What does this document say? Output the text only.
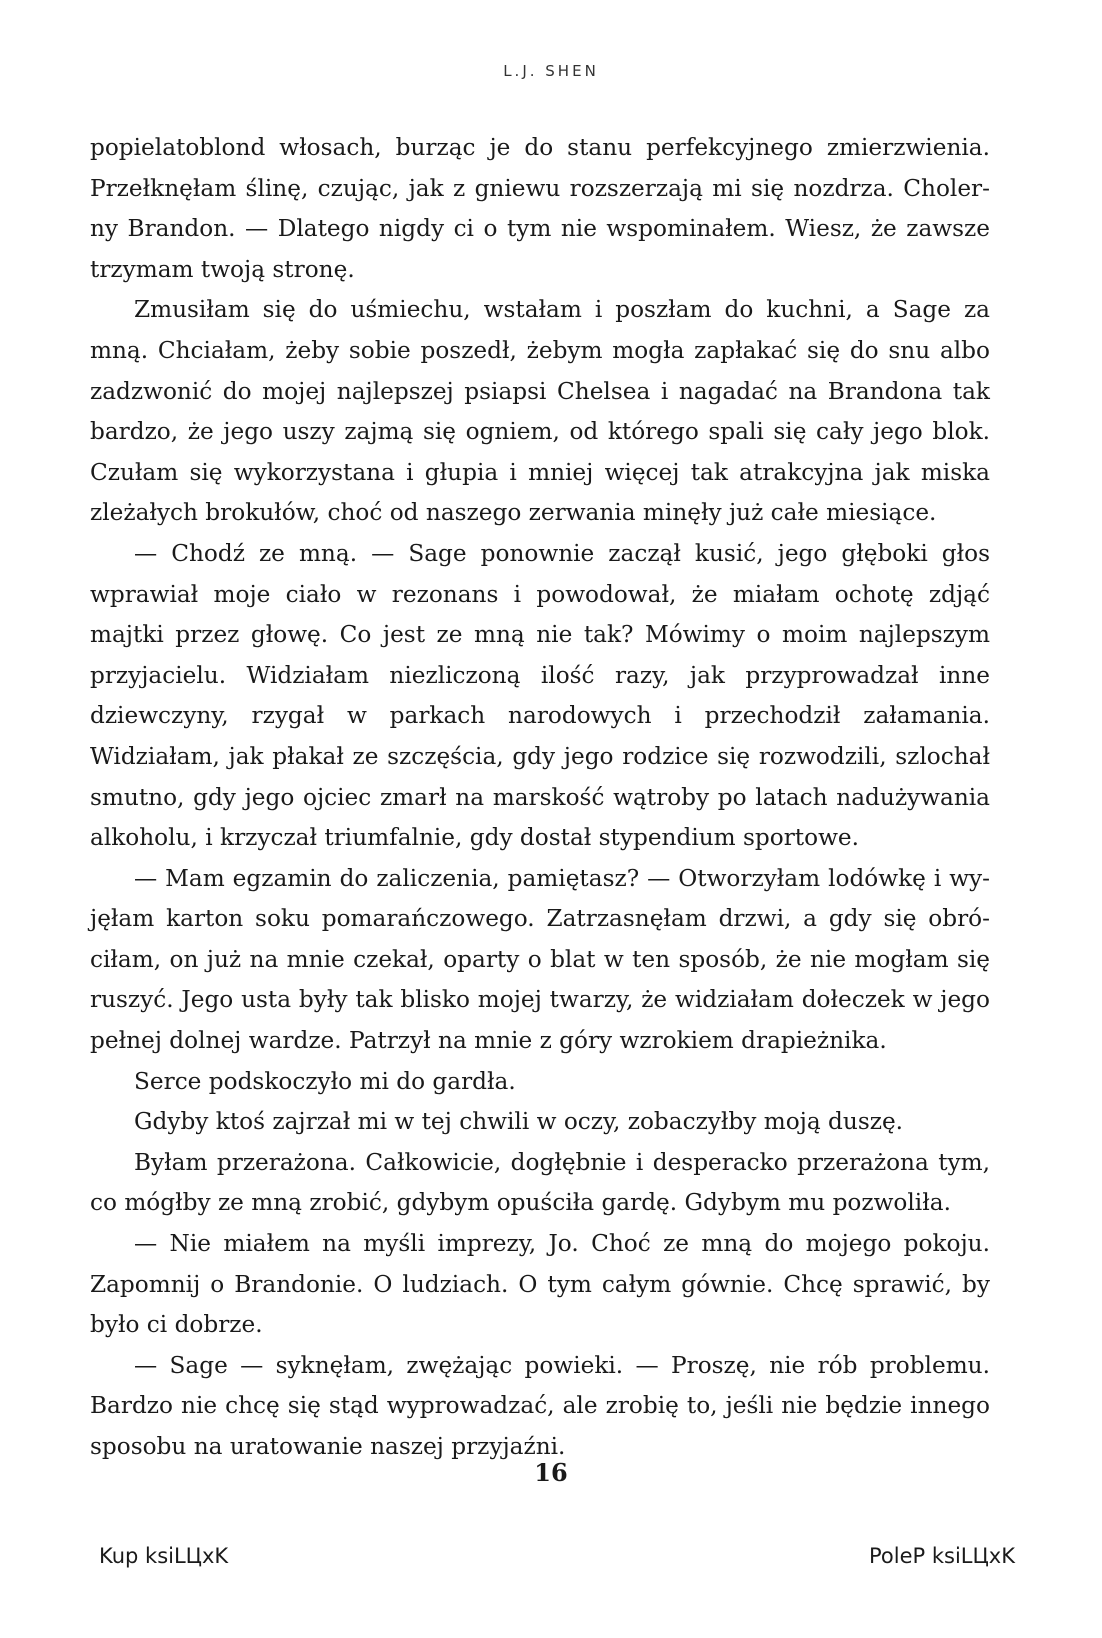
L.J. SHEN

popielatoblond włosach, burząc je do stanu perfekcyjnego zmierzwienia. Przełknęłam ślinę, czując, jak z gniewu rozszerzają mi się nozdrza. Cholerny Brandon. — Dlatego nigdy ci o tym nie wspominałem. Wiesz, że zawsze trzymam twoją stronę.

Zmusiłam się do uśmiechu, wstałam i poszłam do kuchni, a Sage za mną. Chciałam, żeby sobie poszedł, żebym mogła zapłakać się do snu albo zadzwonić do mojej najlepszej psiapsi Chelsea i nagadać na Brandona tak bardzo, że jego uszy zajmą się ogniem, od którego spali się cały jego blok. Czułam się wykorzystana i głupia i mniej więcej tak atrakcyjna jak miska zleżałych brokułów, choć od naszego zerwania minęły już całe miesiące.

— Chodź ze mną. — Sage ponownie zaczął kusić, jego głęboki głos wprawiał moje ciało w rezonans i powodował, że miałam ochotę zdjąć majtki przez głowę. Co jest ze mną nie tak? Mówimy o moim najlepszym przyjacielu. Widziałam niezliczoną ilość razy, jak przyprowadzał inne dziewczyny, rzygał w parkach narodowych i przechodził załamania. Widziałam, jak płakał ze szczęścia, gdy jego rodzice się rozwodzili, szlochał smutno, gdy jego ojciec zmarł na marskość wątroby po latach nadużywania alkoholu, i krzyczał triumfalnie, gdy dostał stypendium sportowe.

— Mam egzamin do zaliczenia, pamiętasz? — Otworzyłam lodówkę i wyjęłam karton soku pomarańczowego. Zatrzasnęłam drzwi, a gdy się obróciłam, on już na mnie czekał, oparty o blat w ten sposób, że nie mogłam się ruszyć. Jego usta były tak blisko mojej twarzy, że widziałam dołeczek w jego pełnej dolnej wardze. Patrzył na mnie z góry wzrokiem drapieżnika.

Serce podskoczyło mi do gardła.

Gdyby ktoś zajrzał mi w tej chwili w oczy, zobaczyłby moją duszę.

Byłam przerażona. Całkowicie, dogłębnie i desperacko przerażona tym, co mógłby ze mną zrobić, gdybym opuściła gardę. Gdybym mu pozwoliła.

— Nie miałem na myśli imprezy, Jo. Choć ze mną do mojego pokoju. Zapomnij o Brandonie. O ludziach. O tym całym gównie. Chcę sprawić, by było ci dobrze.

— Sage — syknęłam, zwężając powieki. — Proszę, nie rób problemu. Bardzo nie chcę się stąd wyprowadzać, ale zrobię to, jeśli nie będzie innego sposobu na uratowanie naszej przyjaźni.

16
Kup ksiLЦxK	PoleP ksiLЦxK
